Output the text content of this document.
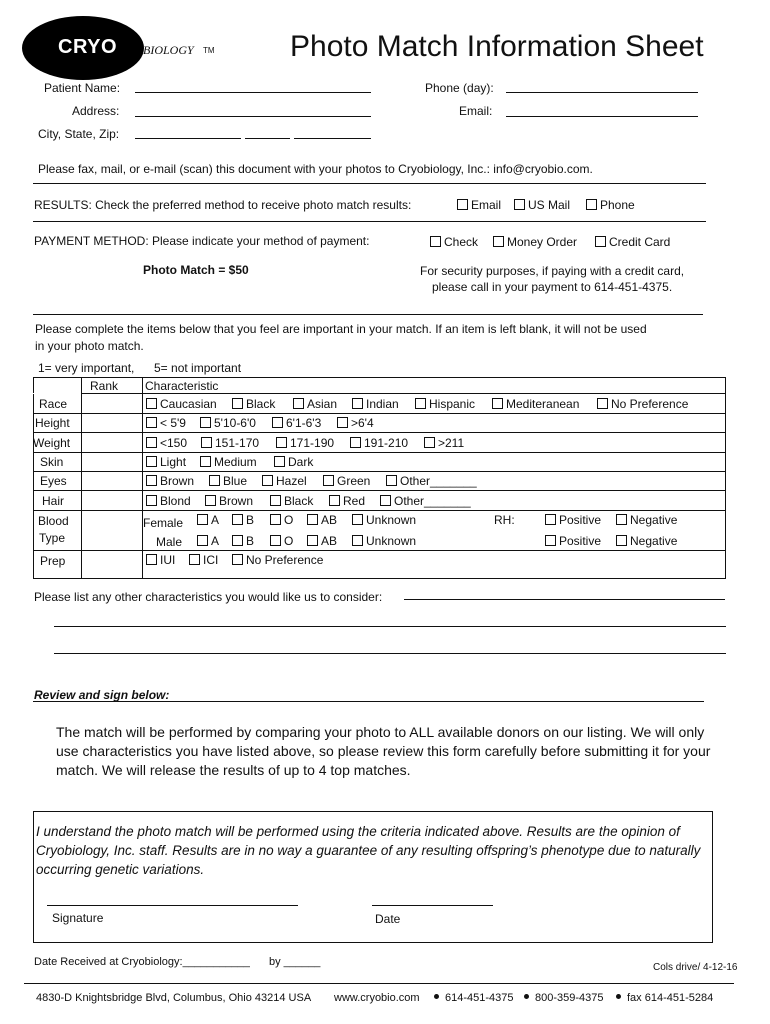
CRYO BIOLOGY TM	Photo Match Information Sheet
Patient Name:
Address:
City, State, Zip:
Phone (day):
Email:
Please fax, mail, or e-mail (scan) this document with your photos to Cryobiology, Inc.: info@cryobio.com.
RESULTS: Check the preferred method to receive photo match results:	Email	US Mail	Phone
PAYMENT METHOD: Please indicate your method of payment:	Check	Money Order	Credit Card
Photo Match = $50	For security purposes, if paying with a credit card,
please call in your payment to 614-451-4375.
Please complete the items below that you feel are important in your match. If an item is left blank, it will not be used
in your photo match.
1= very important, 5= not important
Rank Characteristic
Race	Caucasian	Black	Asian	Indian	Hispanic	Mediteranean	No Preference
Height	< 5'9	5'10-6'0	6'1-6'3	>6'4
Weight	<150	151-170	171-190	191-210	>211
Skin	Light	Medium	Dark
Eyes	Brown	Blue	Hazel	Green	Other_______
Hair	Blond	Brown	Black	Red	Other_______
Blood
Type
Female	A	B	O	AB	Unknown	RH:	Positive	Negative
Male	A	B	O	AB	Unknown	Positive	Negative
Prep	IUI	ICI	No Preference
Please list any other characteristics you would like us to consider:
Review and sign below:
The match will be performed by comparing your photo to ALL available donors on our listing. We will only use characteristics you have listed above, so please review this form carefully before submitting it for your match. We will release the results of up to 4 top matches.
I understand the photo match will be performed using the criteria indicated above. Results are the opinion of Cryobiology, Inc. staff. Results are in no way a guarantee of any resulting offspring’s phenotype due to naturally occurring genetic variations.
Signature	Date
Date Received at Cryobiology:___________ by ______	Cols drive/ 4-12-16
4830-D Knightsbridge Blvd, Columbus, Ohio 43214 USA www.cryobio.com	614-451-4375	800-359-4375	fax 614-451-5284
